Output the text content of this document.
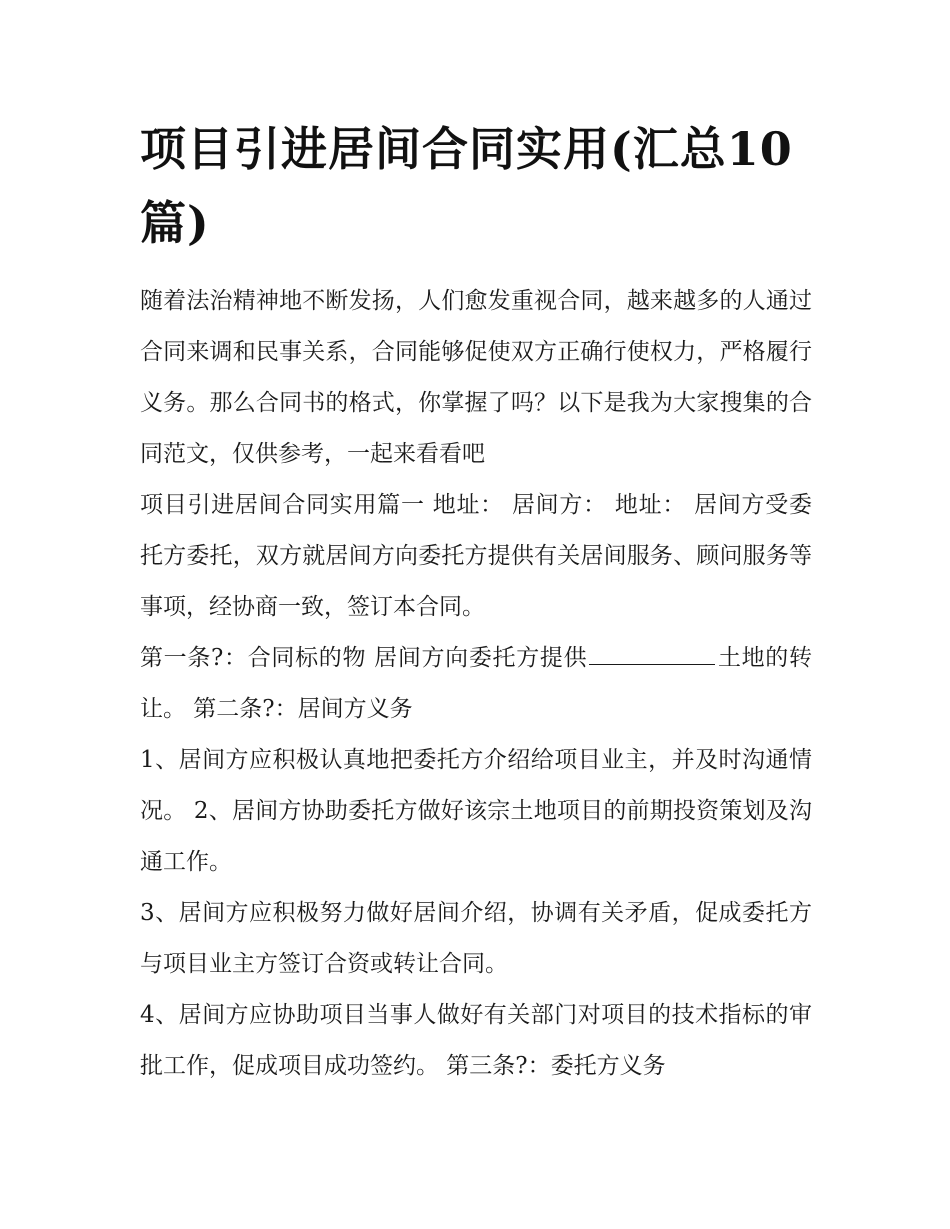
项目引进居间合同实用(汇总10篇)

随着法治精神地不断发扬，人们愈发重视合同，越来越多的人通过合同来调和民事关系，合同能够促使双方正确行使权力，严格履行义务。那么合同书的格式，你掌握了吗？以下是我为大家搜集的合同范文，仅供参考，一起来看看吧

项目引进居间合同实用篇一 地址： 居间方： 地址： 居间方受委托方委托，双方就居间方向委托方提供有关居间服务、顾问服务等事项，经协商一致，签订本合同。

第一条?：合同标的物 居间方向委托方提供	土地的转让。 第二条?：居间方义务

1、居间方应积极认真地把委托方介绍给项目业主，并及时沟通情况。 2、居间方协助委托方做好该宗土地项目的前期投资策划及沟通工作。

3、居间方应积极努力做好居间介绍，协调有关矛盾，促成委托方与项目业主方签订合资或转让合同。

4、居间方应协助项目当事人做好有关部门对项目的技术指标的审批工作，促成项目成功签约。 第三条?：委托方义务
